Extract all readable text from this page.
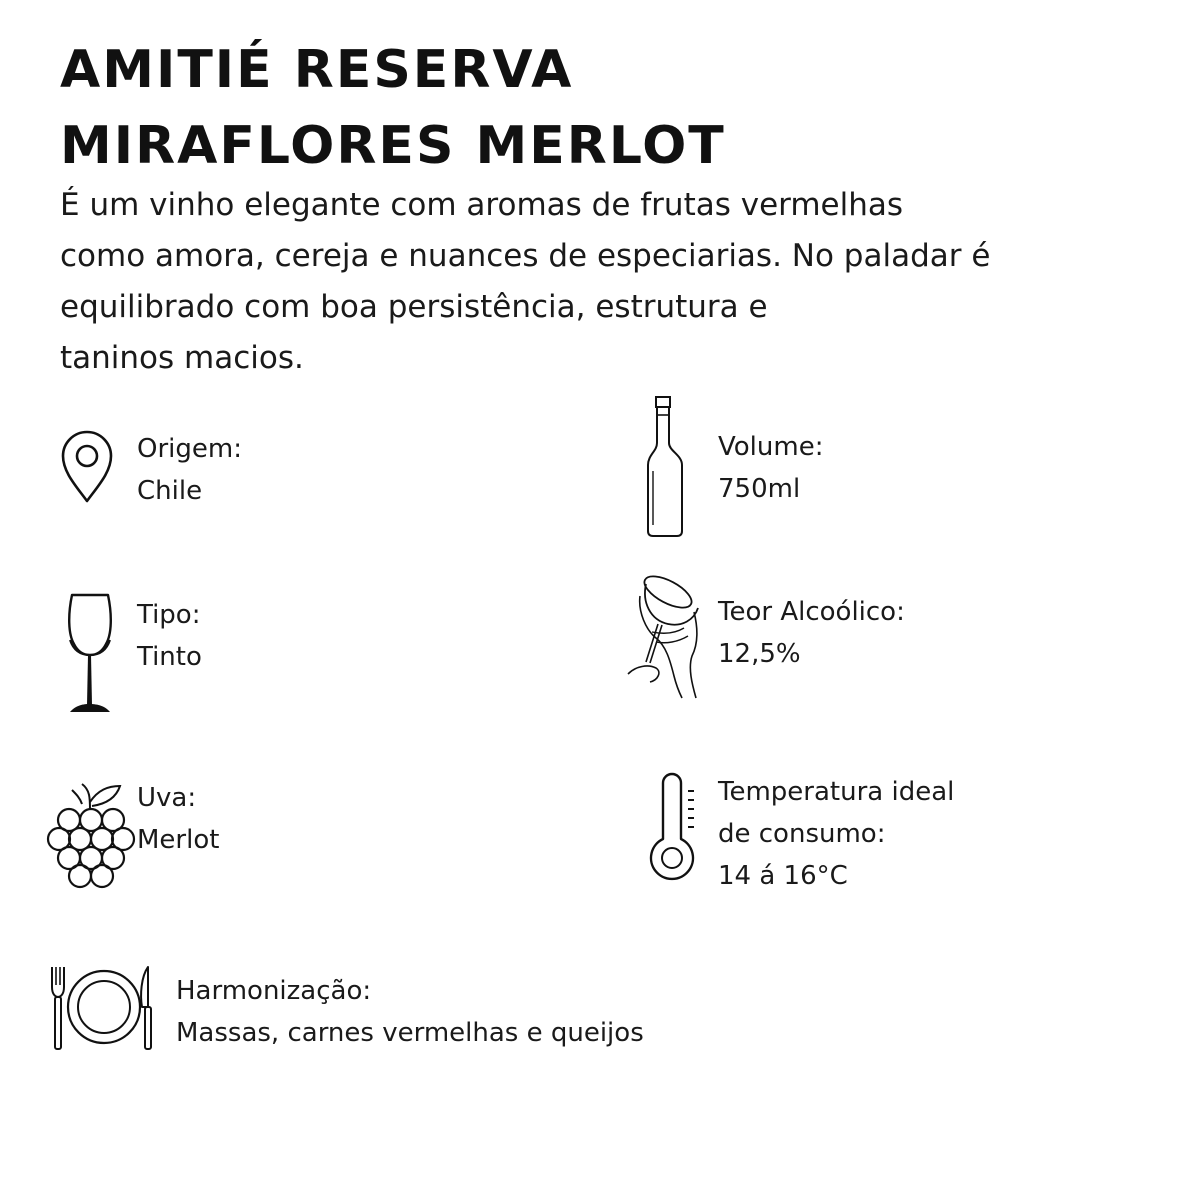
AMITIÉ RESERVA
MIRAFLORES MERLOT

É um vinho elegante com aromas de frutas vermelhas
como amora, cereja e nuances de especiarias. No paladar é
equilibrado com boa persistência, estrutura e
taninos macios.

Origem:
Chile
Volume:
750ml
Tipo:
Tinto
Teor Alcoólico:
12,5%
Uva:
Merlot
Temperatura ideal
de consumo:
14 á 16°C
Harmonização:
Massas, carnes vermelhas e queijos
